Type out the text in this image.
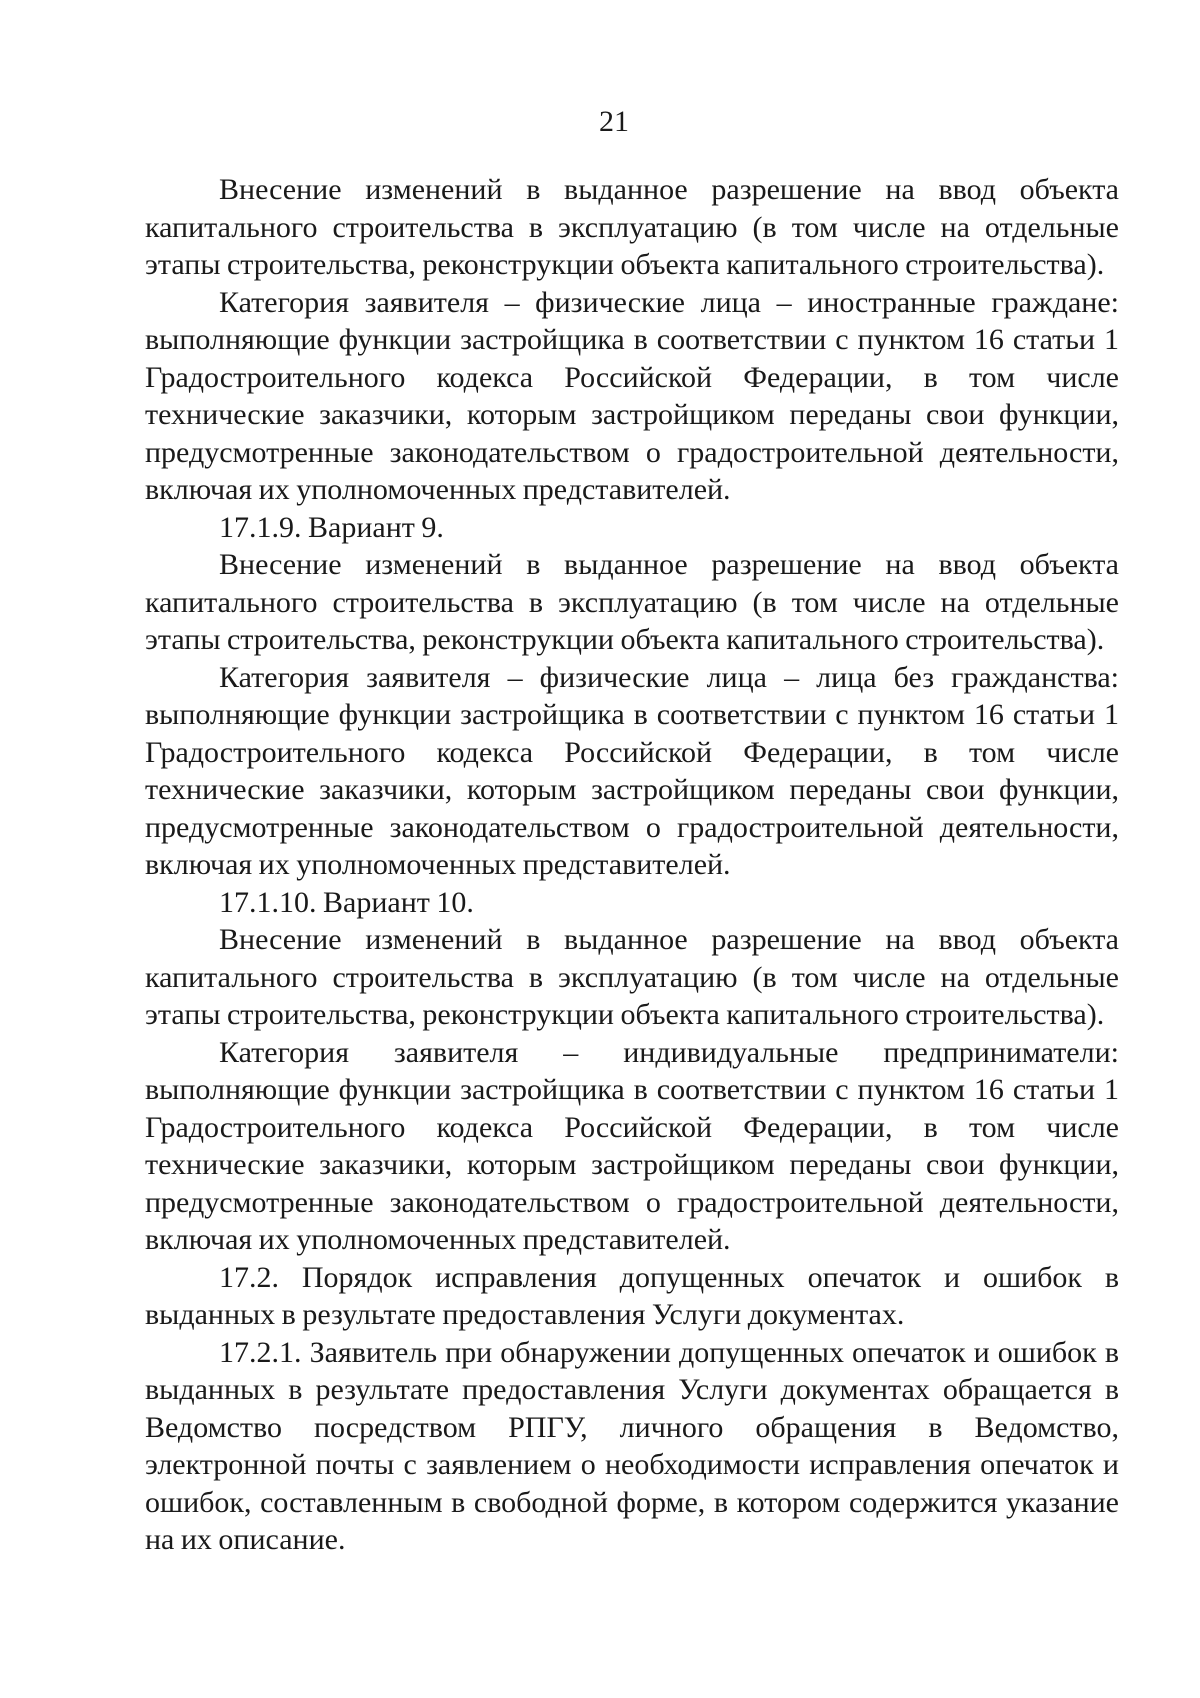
21

Внесение изменений в выданное разрешение на ввод объекта капитального строительства в эксплуатацию (в том числе на отдельные этапы строительства, реконструкции объекта капитального строительства).

Категория заявителя – физические лица – иностранные граждане: выполняющие функции застройщика в соответствии с пунктом 16 статьи 1 Градостроительного кодекса Российской Федерации, в том числе технические заказчики, которым застройщиком переданы свои функции, предусмотренные законодательством о градостроительной деятельности, включая их уполномоченных представителей.

17.1.9. Вариант 9.

Внесение изменений в выданное разрешение на ввод объекта капитального строительства в эксплуатацию (в том числе на отдельные этапы строительства, реконструкции объекта капитального строительства).

Категория заявителя – физические лица – лица без гражданства: выполняющие функции застройщика в соответствии с пунктом 16 статьи 1 Градостроительного кодекса Российской Федерации, в том числе технические заказчики, которым застройщиком переданы свои функции, предусмотренные законодательством о градостроительной деятельности, включая их уполномоченных представителей.

17.1.10. Вариант 10.

Внесение изменений в выданное разрешение на ввод объекта капитального строительства в эксплуатацию (в том числе на отдельные этапы строительства, реконструкции объекта капитального строительства).

Категория заявителя – индивидуальные предприниматели: выполняющие функции застройщика в соответствии с пунктом 16 статьи 1 Градостроительного кодекса Российской Федерации, в том числе технические заказчики, которым застройщиком переданы свои функции, предусмотренные законодательством о градостроительной деятельности, включая их уполномоченных представителей.

17.2. Порядок исправления допущенных опечаток и ошибок в выданных в результате предоставления Услуги документах.

17.2.1. Заявитель при обнаружении допущенных опечаток и ошибок в выданных в результате предоставления Услуги документах обращается в Ведомство посредством РПГУ, личного обращения в Ведомство, электронной почты с заявлением о необходимости исправления опечаток и ошибок, составленным в свободной форме, в котором содержится указание на их описание.
